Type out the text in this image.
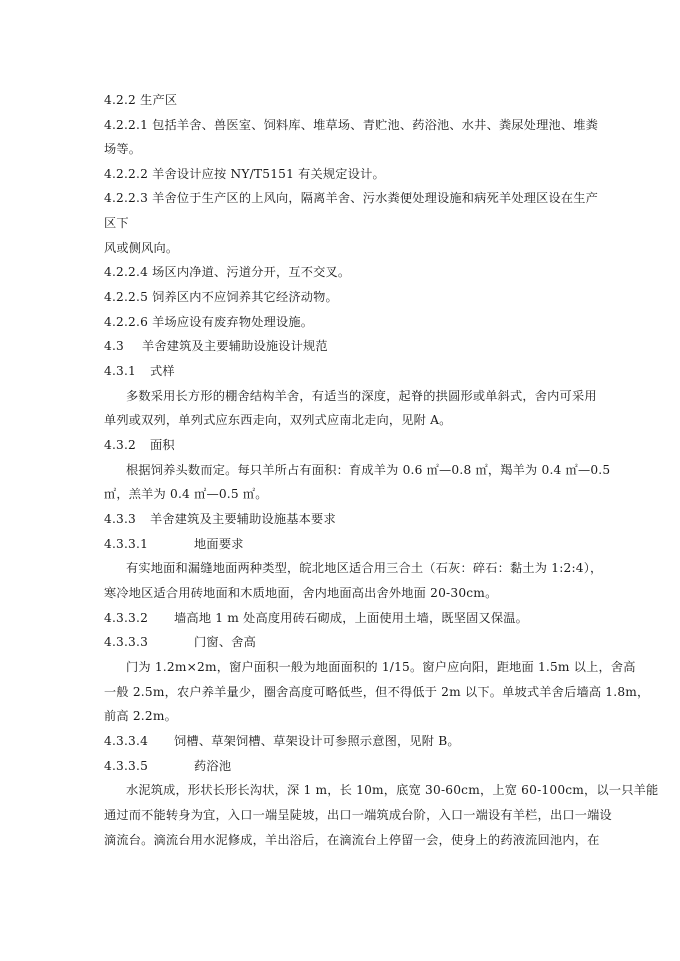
4.2.2 生产区

4.2.2.1 包括羊舍、兽医室、饲料库、堆草场、青贮池、药浴池、水井、粪尿处理池、堆粪

场等。

4.2.2.2 羊舍设计应按 NY/T5151 有关规定设计。

4.2.2.3 羊舍位于生产区的上风向，隔离羊舍、污水粪便处理设施和病死羊处理区设在生产

区下

风或侧风向。

4.2.2.4 场区内净道、污道分开，互不交叉。

4.2.2.5 饲养区内不应饲养其它经济动物。

4.2.2.6 羊场应设有废弃物处理设施。

4.3 羊舍建筑及主要辅助设施设计规范

4.3.1 式样

多数采用长方形的棚舍结构羊舍，有适当的深度，起脊的拱圆形或单斜式，舍内可采用

单列或双列，单列式应东西走向，双列式应南北走向，见附 A。

4.3.2 面积

根据饲养头数而定。每只羊所占有面积：育成羊为 0.6 ㎡—0.8 ㎡，羯羊为 0.4 ㎡—0.5

㎡，羔羊为 0.4 ㎡—0.5 ㎡。

4.3.3 羊舍建筑及主要辅助设施基本要求

4.3.3.1	地面要求

有实地面和漏缝地面两种类型，皖北地区适合用三合土（石灰：碎石：黏土为 1:2:4），

寒冷地区适合用砖地面和木质地面，舍内地面高出舍外地面 20-30cm。

4.3.3.2 墙高地 1 m 处高度用砖石砌成，上面使用土墙，既坚固又保温。

4.3.3.3	门窗、舍高

门为 1.2m×2m，窗户面积一般为地面面积的 1/15。窗户应向阳，距地面 1.5m 以上，舍高

一般 2.5m，农户养羊量少，圈舍高度可略低些，但不得低于 2m 以下。单坡式羊舍后墙高 1.8m，

前高 2.2m。

4.3.3.4 饲槽、草架饲槽、草架设计可参照示意图，见附 B。

4.3.3.5	药浴池

水泥筑成，形状长形长沟状，深 1 m，长 10m，底宽 30-60cm，上宽 60-100cm，以一只羊能

通过而不能转身为宜，入口一端呈陡坡，出口一端筑成台阶，入口一端设有羊栏，出口一端设

滴流台。滴流台用水泥修成，羊出浴后，在滴流台上停留一会，使身上的药液流回池内，在
